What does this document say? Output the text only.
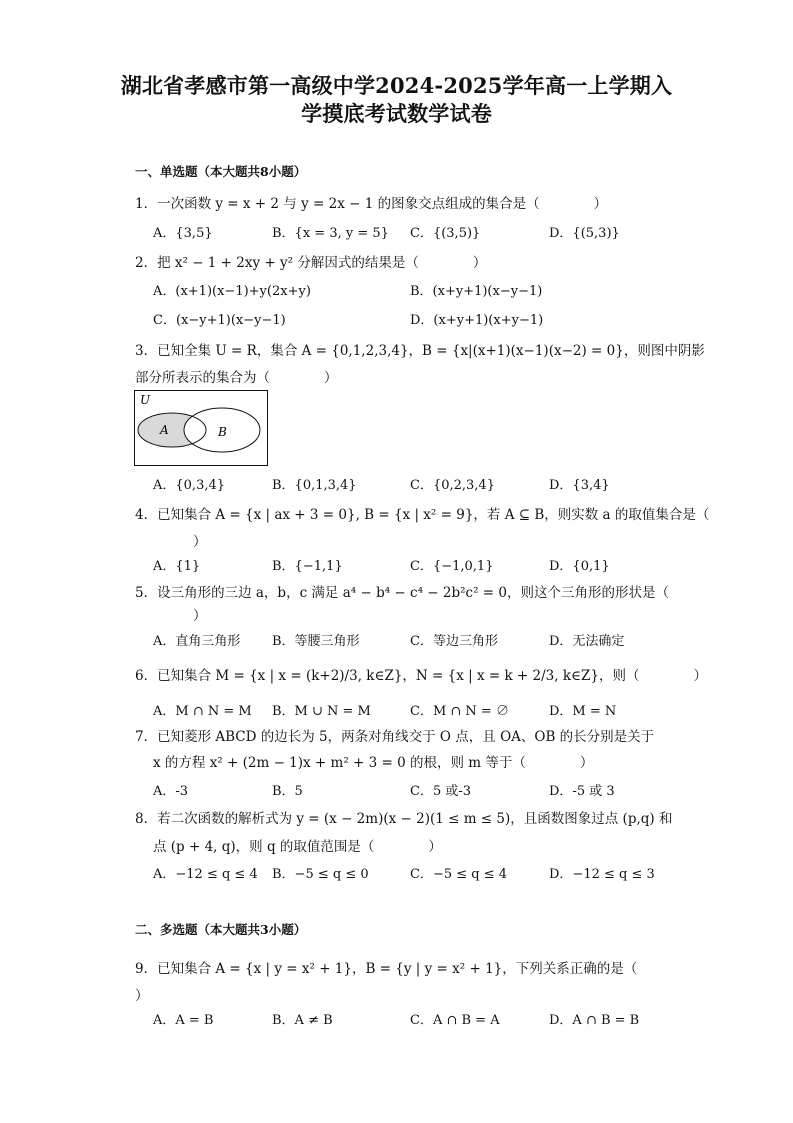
湖北省孝感市第一高级中学2024-2025学年高一上学期入
学摸底考试数学试卷
一、单选题（本大题共8小题）
1．一次函数 y = x + 2 与 y = 2x − 1 的图象交点组成的集合是（　　　　）
A．{3,5}	B．{x = 3, y = 5} C．{(3,5)}	D．{(5,3)}
2．把 x² − 1 + 2xy + y² 分解因式的结果是（　　　　）
A．(x+1)(x−1)+y(2x+y)	B．(x+y+1)(x−y−1)
C．(x−y+1)(x−y−1)	D．(x+y+1)(x+y−1)
3．已知全集 U = R，集合 A = {0,1,2,3,4}，B = {x|(x+1)(x−1)(x−2) = 0}，则图中阴影
部分所表示的集合为（　　　　）
U
A	B
A．{0,3,4}	B．{0,1,3,4}	C．{0,2,3,4}	D．{3,4}
4．已知集合 A = {x | ax + 3 = 0}, B = {x | x² = 9}，若 A ⊆ B，则实数 a 的取值集合是（
）
A．{1}	B．{−1,1}	C．{−1,0,1}	D．{0,1}
5．设三角形的三边 a，b，c 满足 a⁴ − b⁴ − c⁴ − 2b²c² = 0，则这个三角形的形状是（
）
A．直角三角形 B．等腰三角形	C．等边三角形	D．无法确定
6．已知集合 M = {x | x = (k+2)/3, k∈Z}，N = {x | x = k + 2/3, k∈Z}，则（　　　　）
A．M ∩ N = M B．M ∪ N = M	C．M ∩ N = ∅	D．M = N
7．已知菱形 ABCD 的边长为 5，两条对角线交于 O 点，且 OA、OB 的长分别是关于
x 的方程 x² + (2m − 1)x + m² + 3 = 0 的根，则 m 等于（　　　　）
A．-3	B．5	C．5 或-3	D．-5 或 3
8．若二次函数的解析式为 y = (x − 2m)(x − 2)(1 ≤ m ≤ 5)，且函数图象过点 (p,q) 和
点 (p + 4, q)，则 q 的取值范围是（　　　　）
A．−12 ≤ q ≤ 4 B．−5 ≤ q ≤ 0	C．−5 ≤ q ≤ 4	D．−12 ≤ q ≤ 3
二、多选题（本大题共3小题）
9．已知集合 A = {x | y = x² + 1}，B = {y | y = x² + 1}，下列关系正确的是（
）
A．A = B	B．A ≠ B	C．A ∩ B = A	D．A ∩ B = B
